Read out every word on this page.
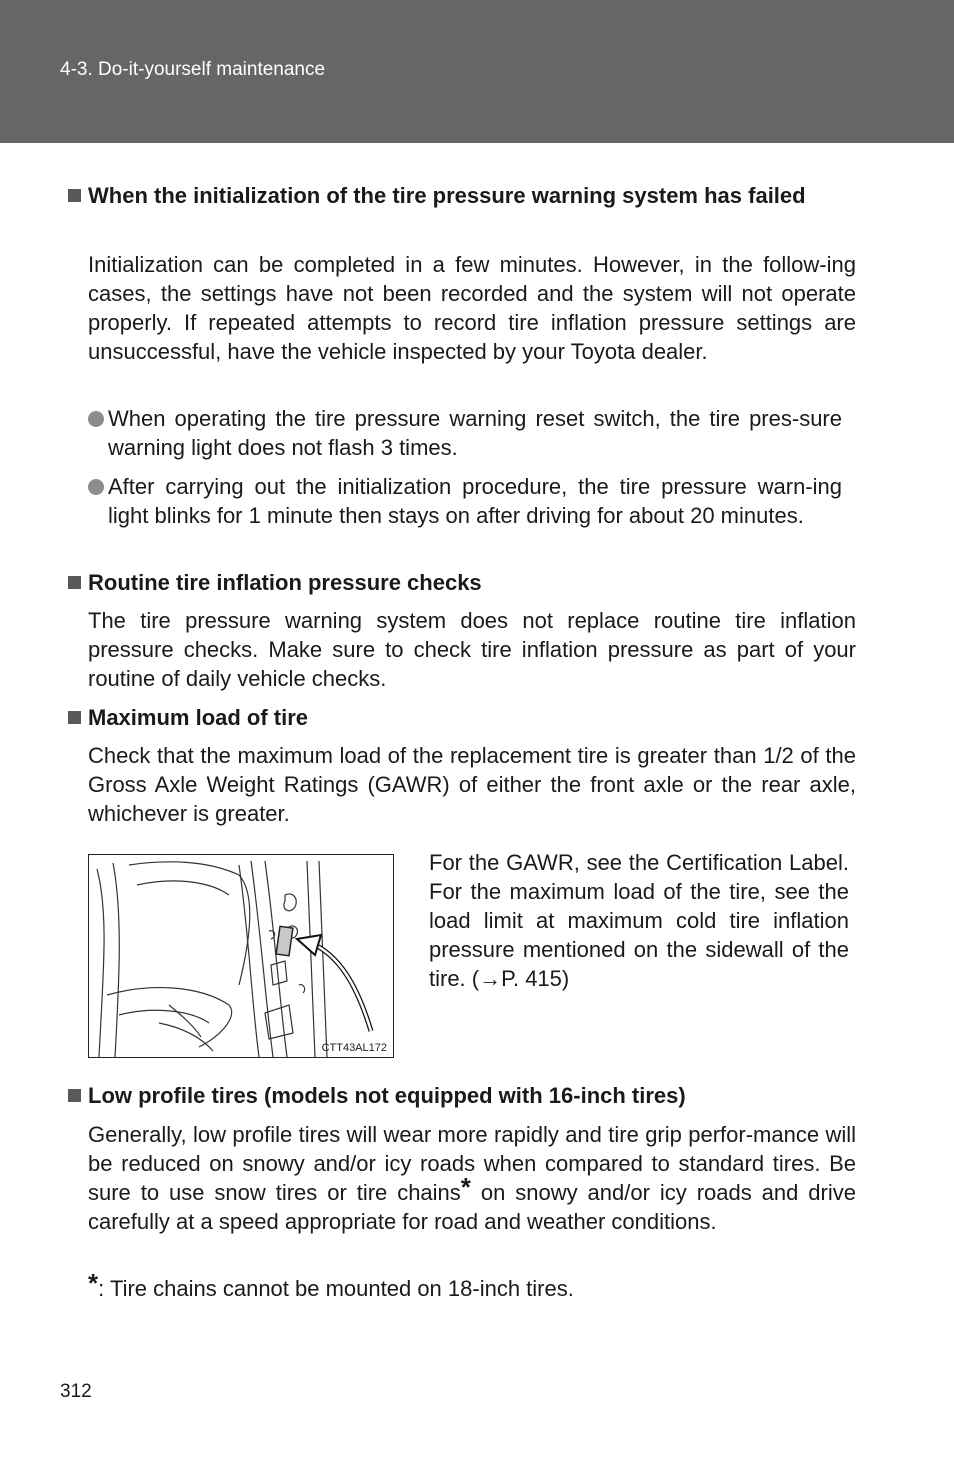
4-3. Do-it-yourself maintenance
When the initialization of the tire pressure warning system has failed
Initialization can be completed in a few minutes. However, in the follow-ing cases, the settings have not been recorded and the system will not operate properly. If repeated attempts to record tire inflation pressure settings are unsuccessful, have the vehicle inspected by your Toyota dealer.
When operating the tire pressure warning reset switch, the tire pres-sure warning light does not flash 3 times.
After carrying out the initialization procedure, the tire pressure warn-ing light blinks for 1 minute then stays on after driving for about 20 minutes.
Routine tire inflation pressure checks
The tire pressure warning system does not replace routine tire inflation pressure checks. Make sure to check tire inflation pressure as part of your routine of daily vehicle checks.
Maximum load of tire
Check that the maximum load of the replacement tire is greater than 1/2 of the Gross Axle Weight Ratings (GAWR) of either the front axle or the rear axle, whichever is greater.
CTT43AL172
For the GAWR, see the Certification Label. For the maximum load of the tire, see the load limit at maximum cold tire inflation pressure mentioned on the sidewall of the tire. (→P. 415)
Low profile tires (models not equipped with 16-inch tires)
Generally, low profile tires will wear more rapidly and tire grip perfor-mance will be reduced on snowy and/or icy roads when compared to standard tires. Be sure to use snow tires or tire chains* on snowy and/or icy roads and drive carefully at a speed appropriate for road and weather conditions.
*: Tire chains cannot be mounted on 18-inch tires.
312
